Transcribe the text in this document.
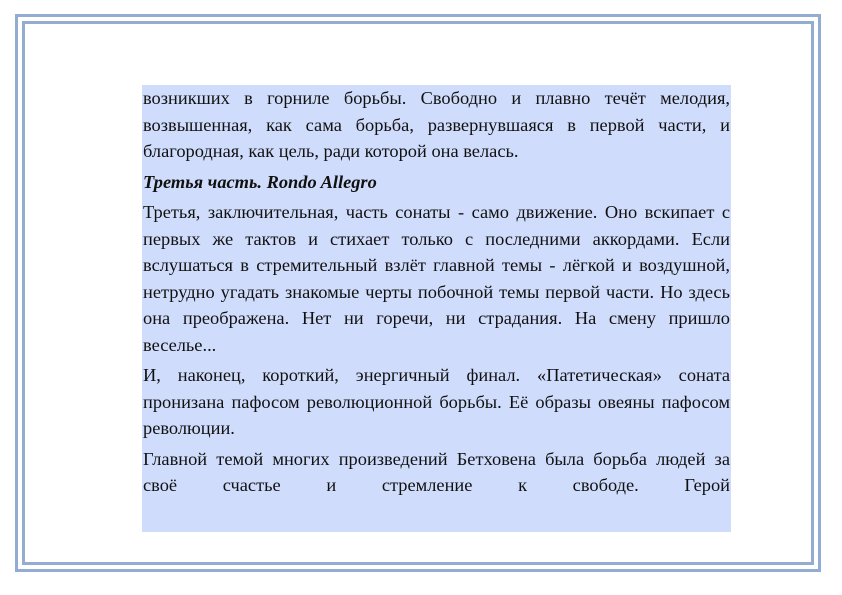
возникших в горниле борьбы. Свободно и плавно течёт мелодия, возвышенная, как сама борьба, развернувшаяся в первой части, и благородная, как цель, ради которой она велась.

Третья часть. Rondo Allegro

Третья, заключительная, часть сонаты - само движение. Оно вскипает с первых же тактов и стихает только с последними аккордами. Если вслушаться в стремительный взлёт главной темы - лёгкой и воздушной, нетрудно угадать знакомые черты побочной темы первой части. Но здесь она преображена. Нет ни горечи, ни страдания. На смену пришло веселье...

И, наконец, короткий, энергичный финал. «Патетическая» соната пронизана пафосом революционной борьбы. Её образы овеяны пафосом революции.

Главной темой многих произведений Бетховена была борьба людей за своё счастье и стремление к свободе. Герой
